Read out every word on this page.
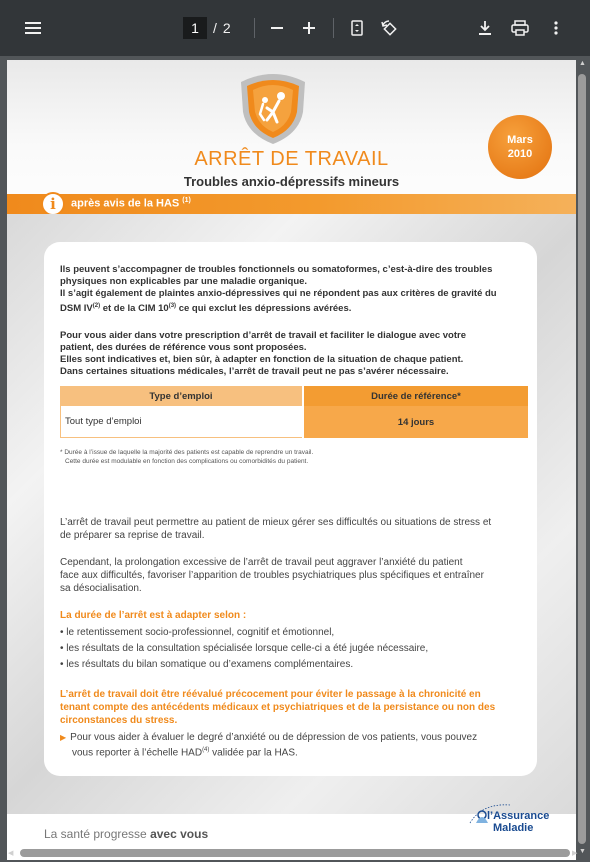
1	/ 2
ARRÊT DE TRAVAIL
Troubles anxio-dépressifs mineurs
Mars
2010
i	après avis de la HAS $^{(1)}$
Ils peuvent s’accompagner de troubles fonctionnels ou somatoformes, c’est-à-dire des troubles
physiques non explicables par une maladie organique.
Il s’agit également de plaintes anxio-dépressives qui ne répondent pas aux critères de gravité du
DSM IV$^{(2)}$ et de la CIM 10$^{(3)}$ ce qui exclut les dépressions avérées.
Pour vous aider dans votre prescription d’arrêt de travail et faciliter le dialogue avec votre
patient, des durées de référence vous sont proposées.
Elles sont indicatives et, bien sûr, à adapter en fonction de la situation de chaque patient.
Dans certaines situations médicales, l’arrêt de travail peut ne pas s’avérer nécessaire.
Type d’emploi	Durée de référence*
Tout type d’emploi	14 jours
* Durée à l’issue de laquelle la majorité des patients est capable de reprendre un travail.
Cette durée est modulable en fonction des complications ou comorbidités du patient.
L’arrêt de travail peut permettre au patient de mieux gérer ses difficultés ou situations de stress et
de préparer sa reprise de travail.
Cependant, la prolongation excessive de l’arrêt de travail peut aggraver l’anxiété du patient
face aux difficultés, favoriser l’apparition de troubles psychiatriques plus spécifiques et entraîner
sa désocialisation.
La durée de l’arrêt est à adapter selon :
• le retentissement socio-professionnel, cognitif et émotionnel,
• les résultats de la consultation spécialisée lorsque celle-ci a été jugée nécessaire,
• les résultats du bilan somatique ou d’examens complémentaires.
L’arrêt de travail doit être réévalué précocement pour éviter le passage à la chronicité en
tenant compte des antécédents médicaux et psychiatriques et de la persistance ou non des
circonstances du stress.
▶ Pour vous aider à évaluer le degré d’anxiété ou de dépression de vos patients, vous pouvez
vous reporter à l’échelle HAD$^{(4)}$ validée par la HAS.
La santé progresse avec vous
l’Assurance
Maladie
▲
▼
◀	▶
